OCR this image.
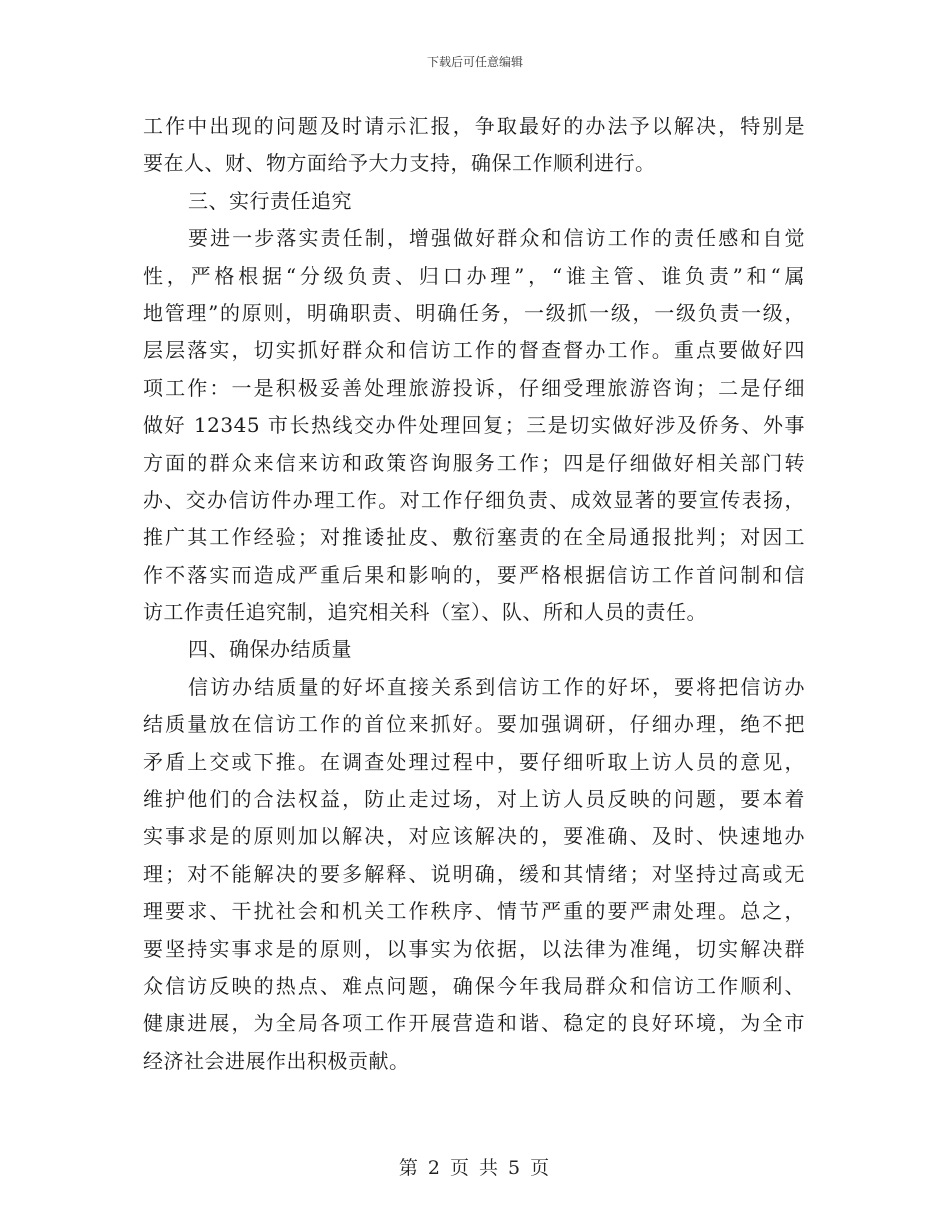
下载后可任意编辑
工作中出现的问题及时请示汇报，争取最好的办法予以解决，特别是
要在人、财、物方面给予大力支持，确保工作顺利进行。
三、实行责任追究
要进一步落实责任制，增强做好群众和信访工作的责任感和自觉
性，严格根据“分级负责、归口办理”，“谁主管、谁负责”和“属
地管理”的原则，明确职责、明确任务，一级抓一级，一级负责一级，
层层落实，切实抓好群众和信访工作的督查督办工作。重点要做好四
项工作：一是积极妥善处理旅游投诉，仔细受理旅游咨询；二是仔细
做好 12345 市长热线交办件处理回复；三是切实做好涉及侨务、外事
方面的群众来信来访和政策咨询服务工作；四是仔细做好相关部门转
办、交办信访件办理工作。对工作仔细负责、成效显著的要宣传表扬，
推广其工作经验；对推诿扯皮、敷衍塞责的在全局通报批判；对因工
作不落实而造成严重后果和影响的，要严格根据信访工作首问制和信
访工作责任追究制，追究相关科（室）、队、所和人员的责任。
四、确保办结质量
信访办结质量的好坏直接关系到信访工作的好坏，要将把信访办
结质量放在信访工作的首位来抓好。要加强调研，仔细办理，绝不把
矛盾上交或下推。在调查处理过程中，要仔细听取上访人员的意见，
维护他们的合法权益，防止走过场，对上访人员反映的问题，要本着
实事求是的原则加以解决，对应该解决的，要准确、及时、快速地办
理；对不能解决的要多解释、说明确，缓和其情绪；对坚持过高或无
理要求、干扰社会和机关工作秩序、情节严重的要严肃处理。总之，
要坚持实事求是的原则，以事实为依据，以法律为准绳，切实解决群
众信访反映的热点、难点问题，确保今年我局群众和信访工作顺利、
健康进展，为全局各项工作开展营造和谐、稳定的良好环境，为全市
经济社会进展作出积极贡献。
第 2 页 共 5 页
